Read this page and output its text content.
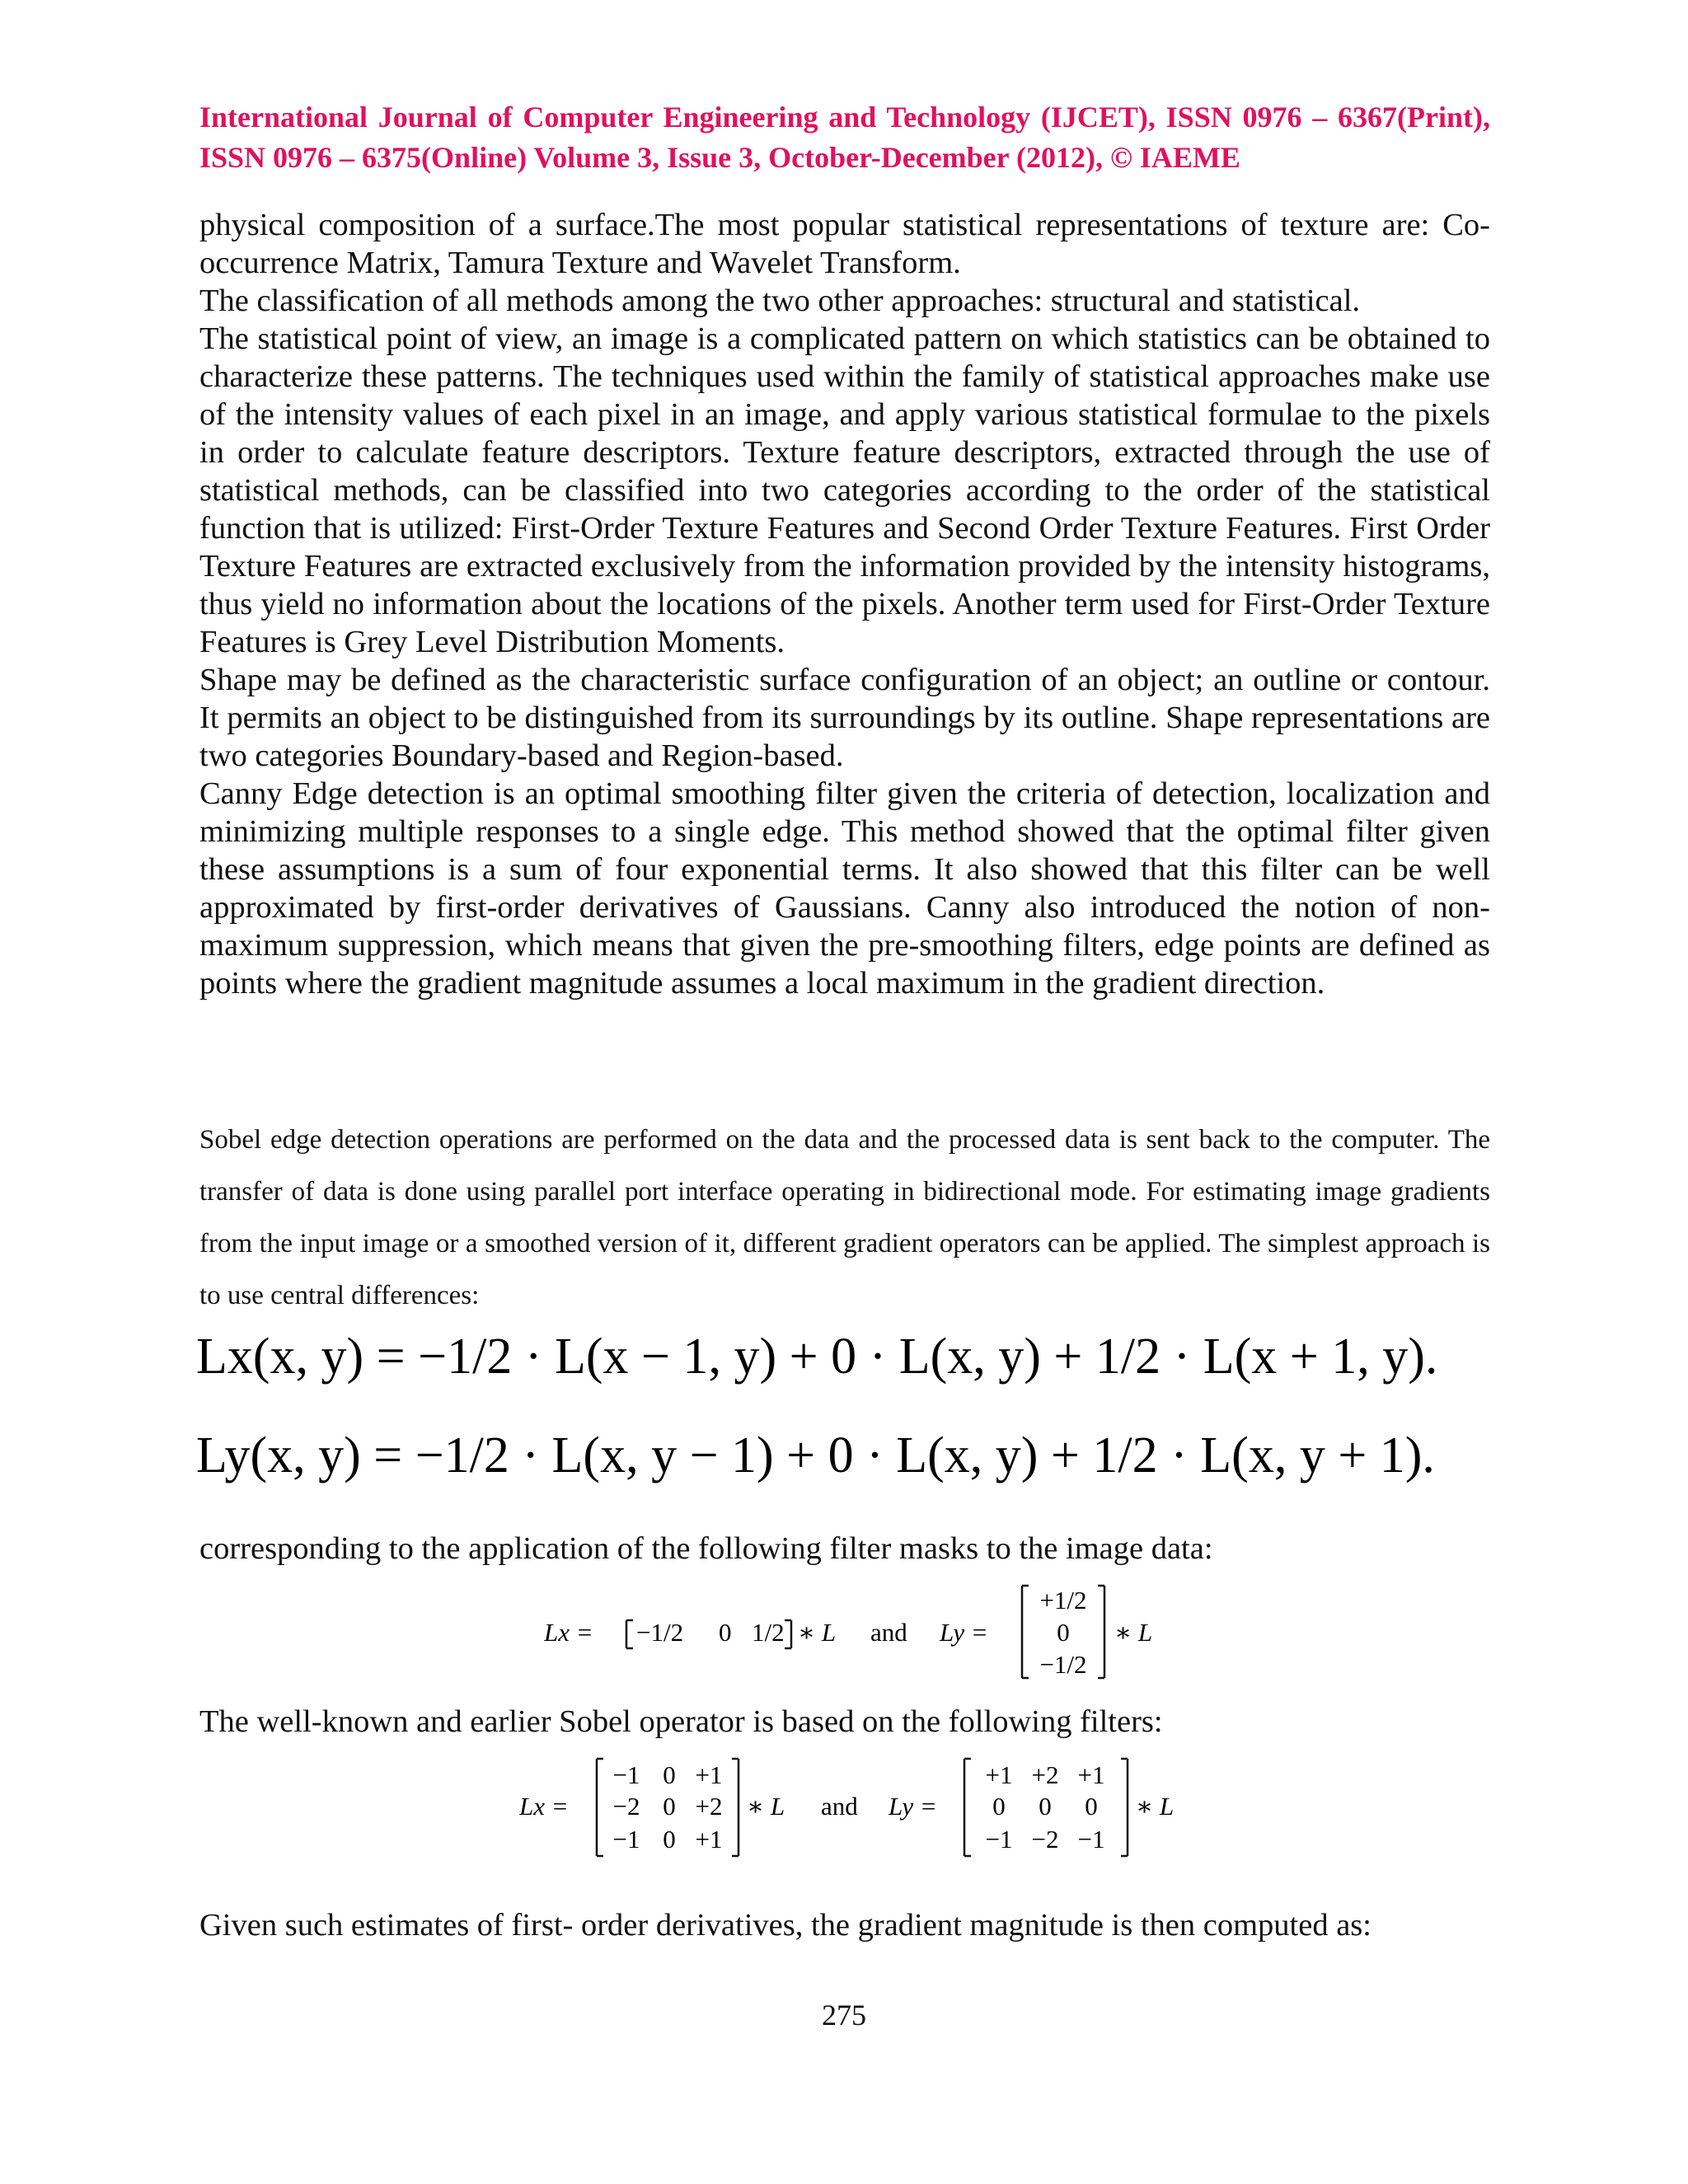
International Journal of Computer Engineering and Technology (IJCET), ISSN 0976 – 6367(Print), ISSN 0976 – 6375(Online) Volume 3, Issue 3, October-December (2012), © IAEME

physical composition of a surface.The most popular statistical representations of texture are: Co-occurrence Matrix, Tamura Texture and Wavelet Transform.

The classification of all methods among the two other approaches: structural and statistical.

The statistical point of view, an image is a complicated pattern on which statistics can be obtained to characterize these patterns. The techniques used within the family of statistical approaches make use of the intensity values of each pixel in an image, and apply various statistical formulae to the pixels in order to calculate feature descriptors. Texture feature descriptors, extracted through the use of statistical methods, can be classified into two categories according to the order of the statistical function that is utilized: First-Order Texture Features and Second Order Texture Features. First Order Texture Features are extracted exclusively from the information provided by the intensity histograms, thus yield no information about the locations of the pixels. Another term used for First-Order Texture Features is Grey Level Distribution Moments.

Shape may be defined as the characteristic surface configuration of an object; an outline or contour. It permits an object to be distinguished from its surroundings by its outline. Shape representations are two categories Boundary-based and Region-based.

Canny Edge detection is an optimal smoothing filter given the criteria of detection, localization and minimizing multiple responses to a single edge. This method showed that the optimal filter given these assumptions is a sum of four exponential terms. It also showed that this filter can be well approximated by first-order derivatives of Gaussians. Canny also introduced the notion of non-maximum suppression, which means that given the pre-smoothing filters, edge points are defined as points where the gradient magnitude assumes a local maximum in the gradient direction.

Sobel edge detection operations are performed on the data and the processed data is sent back to the computer. The transfer of data is done using parallel port interface operating in bidirectional mode. For estimating image gradients from the input image or a smoothed version of it, different gradient operators can be applied. The simplest approach is to use central differences:

Lx(x, y) = −1/2 · L(x − 1, y) + 0 · L(x, y) + 1/2 · L(x + 1, y).
Ly(x, y) = −1/2 · L(x, y − 1) + 0 · L(x, y) + 1/2 · L(x, y + 1).
corresponding to the application of the following filter masks to the image data:
Lx = −1/2 0 1/2 ∗ L and Ly =
+1/2
0
−1/2
∗ L
The well-known and earlier Sobel operator is based on the following filters:
Lx =
−1 0 +1
−2 0 +2
−1 0 +1
∗ L and Ly =
+1 +2 +1
0 0 0
−1 −2 −1
∗ L
Given such estimates of first- order derivatives, the gradient magnitude is then computed as:
275
